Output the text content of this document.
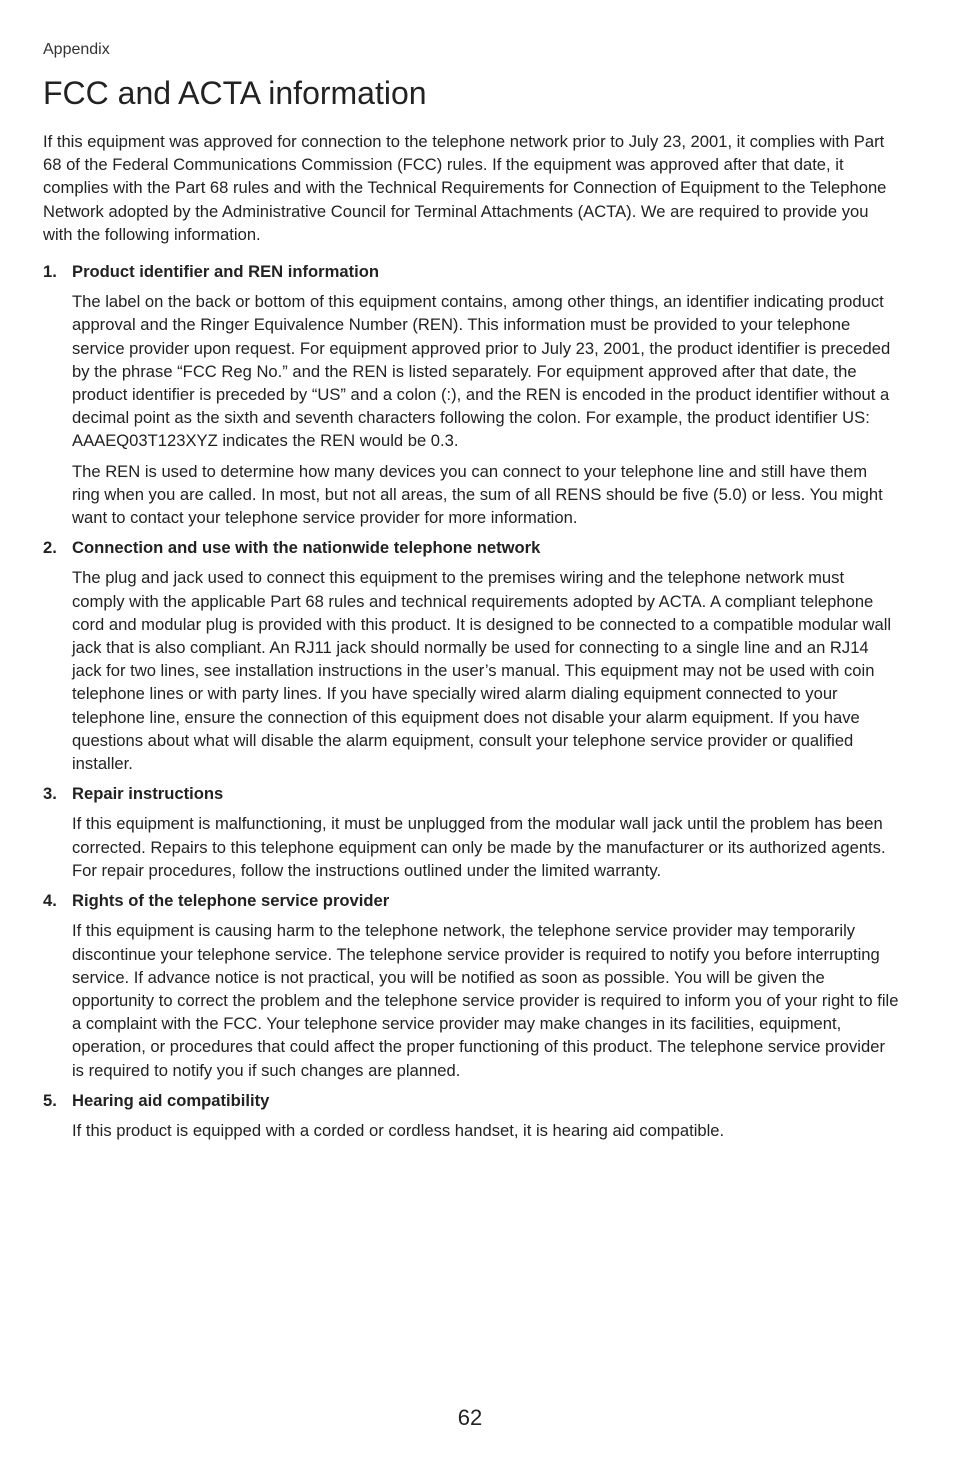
Appendix
FCC and ACTA information

If this equipment was approved for connection to the telephone network prior to July 23, 2001, it complies with Part 68 of the Federal Communications Commission (FCC) rules. If the equipment was approved after that date, it complies with the Part 68 rules and with the Technical Requirements for Connection of Equipment to the Telephone Network adopted by the Administrative Council for Terminal Attachments (ACTA). We are required to provide you with the following information.

1. Product identifier and REN information

The label on the back or bottom of this equipment contains, among other things, an identifier indicating product approval and the Ringer Equivalence Number (REN). This information must be provided to your telephone service provider upon request. For equipment approved prior to July 23, 2001, the product identifier is preceded by the phrase “FCC Reg No.” and the REN is listed separately. For equipment approved after that date, the product identifier is preceded by “US” and a colon (:), and the REN is encoded in the product identifier without a decimal point as the sixth and seventh characters following the colon. For example, the product identifier US: AAAEQ03T123XYZ indicates the REN would be 0.3.

The REN is used to determine how many devices you can connect to your telephone line and still have them ring when you are called. In most, but not all areas, the sum of all RENS should be five (5.0) or less. You might want to contact your telephone service provider for more information.

2. Connection and use with the nationwide telephone network

The plug and jack used to connect this equipment to the premises wiring and the telephone network must comply with the applicable Part 68 rules and technical requirements adopted by ACTA. A compliant telephone cord and modular plug is provided with this product. It is designed to be connected to a compatible modular wall jack that is also compliant. An RJ11 jack should normally be used for connecting to a single line and an RJ14 jack for two lines, see installation instructions in the user’s manual. This equipment may not be used with coin telephone lines or with party lines. If you have specially wired alarm dialing equipment connected to your telephone line, ensure the connection of this equipment does not disable your alarm equipment. If you have questions about what will disable the alarm equipment, consult your telephone service provider or qualified installer.

3. Repair instructions

If this equipment is malfunctioning, it must be unplugged from the modular wall jack until the problem has been corrected. Repairs to this telephone equipment can only be made by the manufacturer or its authorized agents. For repair procedures, follow the instructions outlined under the limited warranty.

4. Rights of the telephone service provider

If this equipment is causing harm to the telephone network, the telephone service provider may temporarily discontinue your telephone service. The telephone service provider is required to notify you before interrupting service. If advance notice is not practical, you will be notified as soon as possible. You will be given the opportunity to correct the problem and the telephone service provider is required to inform you of your right to file a complaint with the FCC. Your telephone service provider may make changes in its facilities, equipment, operation, or procedures that could affect the proper functioning of this product. The telephone service provider is required to notify you if such changes are planned.

5. Hearing aid compatibility

If this product is equipped with a corded or cordless handset, it is hearing aid compatible.

62
